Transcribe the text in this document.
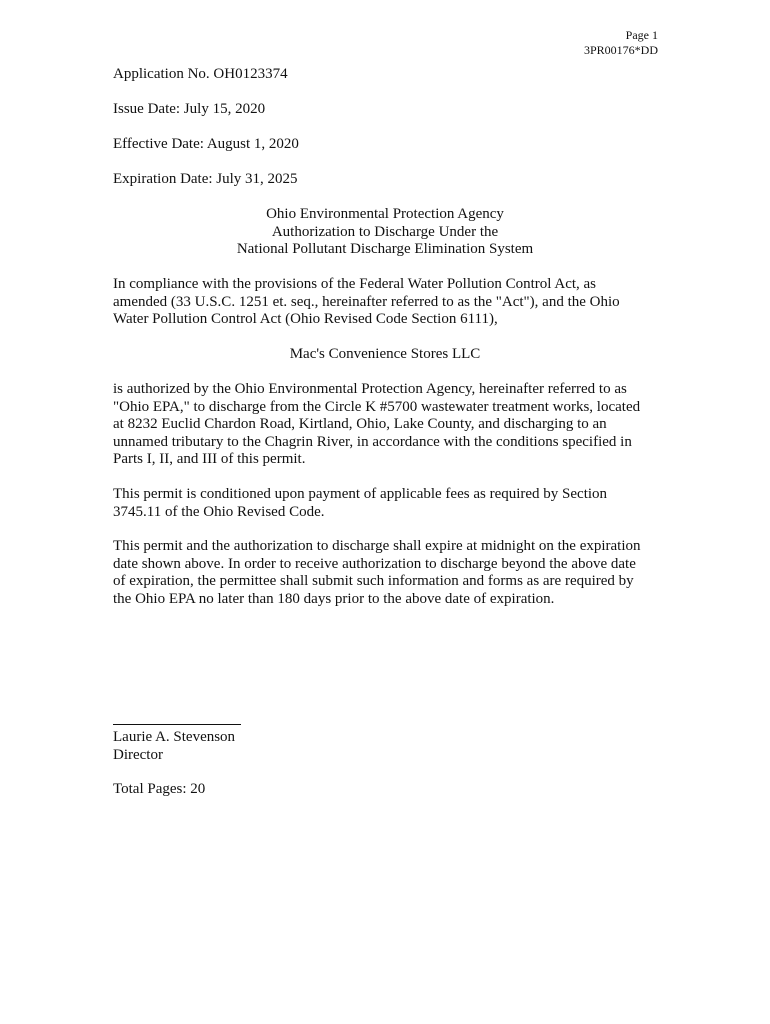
Page 1
3PR00176*DD
Application No. OH0123374
Issue Date: July 15, 2020
Effective Date: August 1, 2020
Expiration Date: July 31, 2025
Ohio Environmental Protection Agency
Authorization to Discharge Under the
National Pollutant Discharge Elimination System
In compliance with the provisions of the Federal Water Pollution Control Act, as
amended (33 U.S.C. 1251 et. seq., hereinafter referred to as the "Act"), and the Ohio
Water Pollution Control Act (Ohio Revised Code Section 6111),
Mac's Convenience Stores LLC
is authorized by the Ohio Environmental Protection Agency, hereinafter referred to as
"Ohio EPA," to discharge from the Circle K #5700 wastewater treatment works, located
at 8232 Euclid Chardon Road, Kirtland, Ohio, Lake County, and discharging to an
unnamed tributary to the Chagrin River, in accordance with the conditions specified in
Parts I, II, and III of this permit.
This permit is conditioned upon payment of applicable fees as required by Section
3745.11 of the Ohio Revised Code.
This permit and the authorization to discharge shall expire at midnight on the expiration
date shown above. In order to receive authorization to discharge beyond the above date
of expiration, the permittee shall submit such information and forms as are required by
the Ohio EPA no later than 180 days prior to the above date of expiration.
Laurie A. Stevenson
Director
Total Pages: 20
